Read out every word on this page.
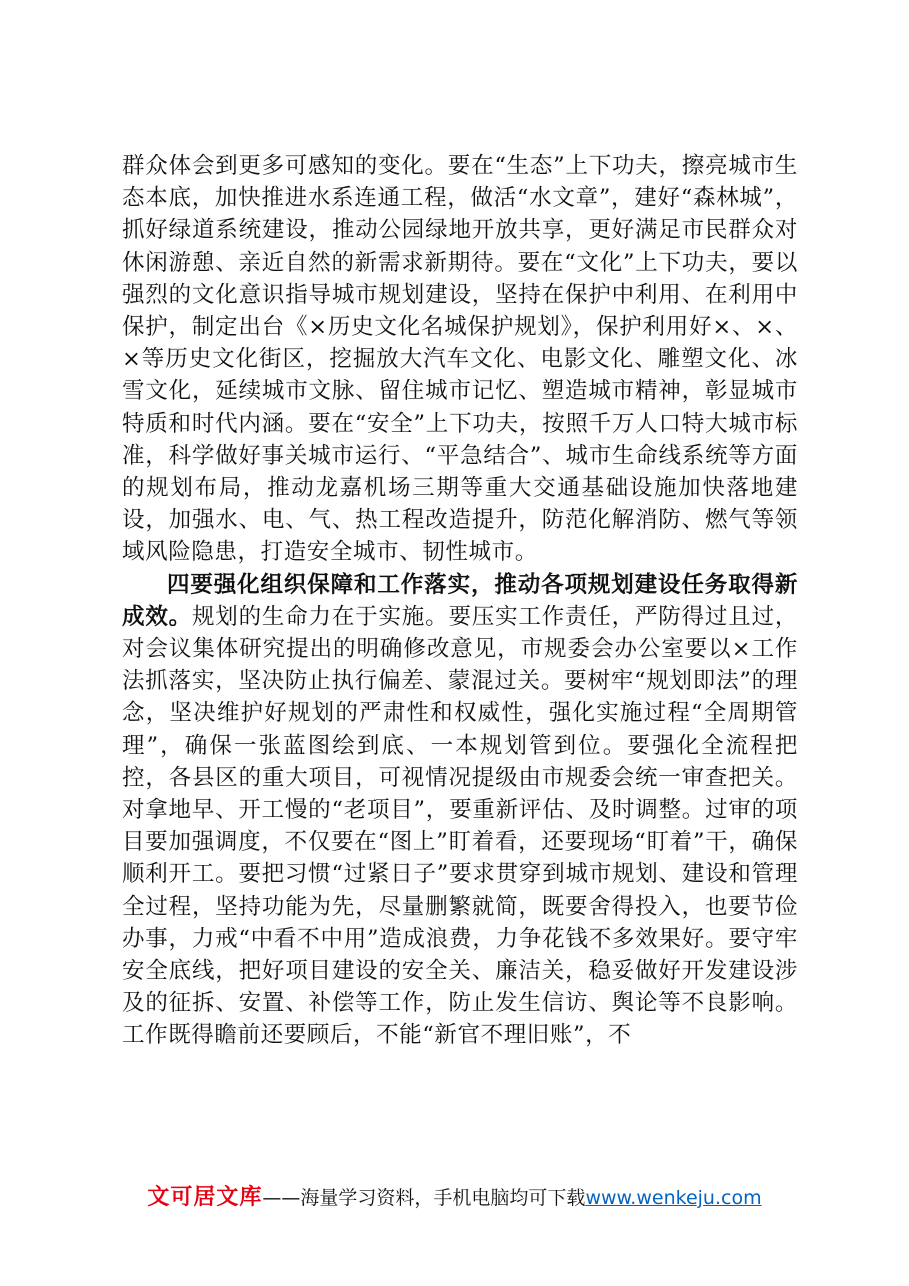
群众体会到更多可感知的变化。要在“生态”上下功夫，擦亮城市生态本底，加快推进水系连通工程，做活“水文章”，建好“森林城”，抓好绿道系统建设，推动公园绿地开放共享，更好满足市民群众对休闲游憩、亲近自然的新需求新期待。要在“文化”上下功夫，要以强烈的文化意识指导城市规划建设，坚持在保护中利用、在利用中保护，制定出台《×历史文化名城保护规划》，保护利用好×、×、×等历史文化街区，挖掘放大汽车文化、电影文化、雕塑文化、冰雪文化，延续城市文脉、留住城市记忆、塑造城市精神，彰显城市特质和时代内涵。要在“安全”上下功夫，按照千万人口特大城市标准，科学做好事关城市运行、“平急结合”、城市生命线系统等方面的规划布局，推动龙嘉机场三期等重大交通基础设施加快落地建设，加强水、电、气、热工程改造提升，防范化解消防、燃气等领域风险隐患，打造安全城市、韧性城市。

四要强化组织保障和工作落实，推动各项规划建设任务取得新成效。规划的生命力在于实施。要压实工作责任，严防得过且过，对会议集体研究提出的明确修改意见，市规委会办公室要以×工作法抓落实，坚决防止执行偏差、蒙混过关。要树牢“规划即法”的理念，坚决维护好规划的严肃性和权威性，强化实施过程“全周期管理”，确保一张蓝图绘到底、一本规划管到位。要强化全流程把控，各县区的重大项目，可视情况提级由市规委会统一审查把关。对拿地早、开工慢的“老项目”，要重新评估、及时调整。过审的项目要加强调度，不仅要在“图上”盯着看，还要现场“盯着”干，确保顺利开工。要把习惯“过紧日子”要求贯穿到城市规划、建设和管理全过程，坚持功能为先，尽量删繁就简，既要舍得投入，也要节俭办事，力戒“中看不中用”造成浪费，力争花钱不多效果好。要守牢安全底线，把好项目建设的安全关、廉洁关，稳妥做好开发建设涉及的征拆、安置、补偿等工作，防止发生信访、舆论等不良影响。工作既得瞻前还要顾后，不能“新官不理旧账”，不

文可居文库——海量学习资料，手机电脑均可下载www.wenkeju.com
